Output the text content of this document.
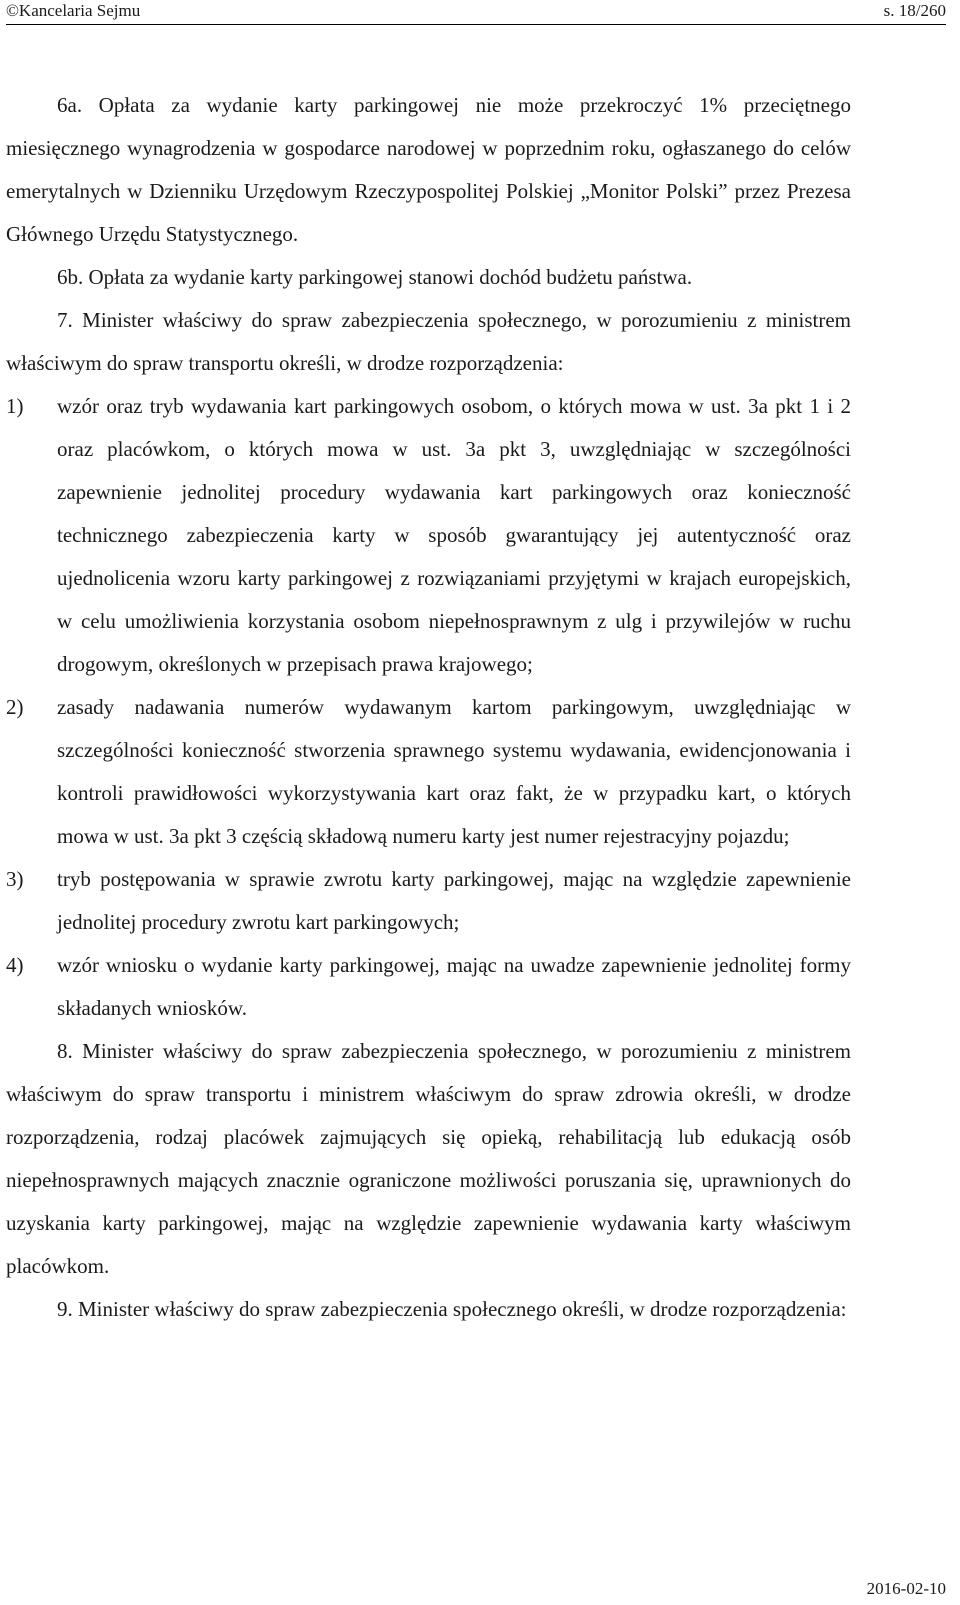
©Kancelaria Sejmu	s. 18/260

6a. Opłata za wydanie karty parkingowej nie może przekroczyć 1% przeciętnego miesięcznego wynagrodzenia w gospodarce narodowej w poprzednim roku, ogłaszanego do celów emerytalnych w Dzienniku Urzędowym Rzeczypospolitej Polskiej „Monitor Polski” przez Prezesa Głównego Urzędu Statystycznego.

6b. Opłata za wydanie karty parkingowej stanowi dochód budżetu państwa.

7. Minister właściwy do spraw zabezpieczenia społecznego, w porozumieniu z ministrem właściwym do spraw transportu określi, w drodze rozporządzenia:

1)	wzór oraz tryb wydawania kart parkingowych osobom, o których mowa w ust. 3a pkt 1 i 2 oraz placówkom, o których mowa w ust. 3a pkt 3, uwzględniając w szczególności zapewnienie jednolitej procedury wydawania kart parkingowych oraz konieczność technicznego zabezpieczenia karty w sposób gwarantujący jej autentyczność oraz ujednolicenia wzoru karty parkingowej z rozwiązaniami przyjętymi w krajach europejskich, w celu umożliwienia korzystania osobom niepełnosprawnym z ulg i przywilejów w ruchu drogowym, określonych w przepisach prawa krajowego;
2)	zasady nadawania numerów wydawanym kartom parkingowym, uwzględniając w szczególności konieczność stworzenia sprawnego systemu wydawania, ewidencjonowania i kontroli prawidłowości wykorzystywania kart oraz fakt, że w przypadku kart, o których mowa w ust. 3a pkt 3 częścią składową numeru karty jest numer rejestracyjny pojazdu;
3)	tryb postępowania w sprawie zwrotu karty parkingowej, mając na względzie zapewnienie jednolitej procedury zwrotu kart parkingowych;
4)	wzór wniosku o wydanie karty parkingowej, mając na uwadze zapewnienie jednolitej formy składanych wniosków.

8. Minister właściwy do spraw zabezpieczenia społecznego, w porozumieniu z ministrem właściwym do spraw transportu i ministrem właściwym do spraw zdrowia określi, w drodze rozporządzenia, rodzaj placówek zajmujących się opieką, rehabilitacją lub edukacją osób niepełnosprawnych mających znacznie ograniczone możliwości poruszania się, uprawnionych do uzyskania karty parkingowej, mając na względzie zapewnienie wydawania karty właściwym placówkom.

9. Minister właściwy do spraw zabezpieczenia społecznego określi, w drodze rozporządzenia:

2016-02-10
